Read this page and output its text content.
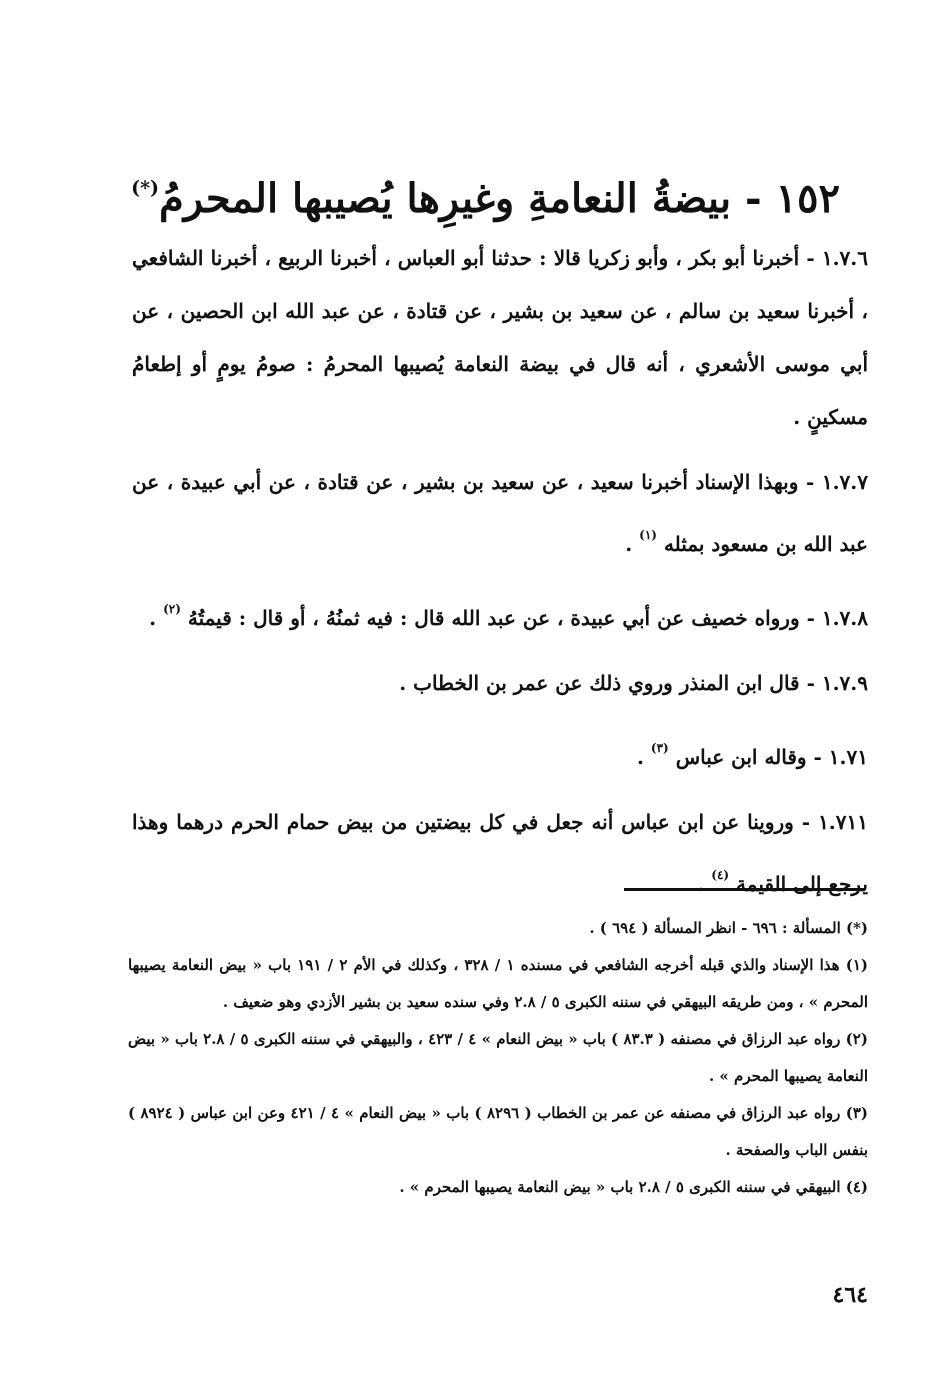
١٥٢ - بيضةُ النعامةِ وغيرِها يُصيبها المحرمُ(*)

١.٧.٦ - أخبرنا أبو بكر ، وأبو زكريا قالا : حدثنا أبو العباس ، أخبرنا الربيع ، أخبرنا الشافعي ، أخبرنا سعيد بن سالم ، عن سعيد بن بشير ، عن قتادة ، عن عبد الله ابن الحصين ، عن أبي موسى الأشعري ، أنه قال في بيضة النعامة يُصيبها المحرمُ : صومُ يومٍ أو إطعامُ مسكينٍ .

١.٧.٧ - وبهذا الإسناد أخبرنا سعيد ، عن سعيد بن بشير ، عن قتادة ، عن أبي عبيدة ، عن عبد الله بن مسعود بمثله $^{(١)}$ .

١.٧.٨ - ورواه خصيف عن أبي عبيدة ، عن عبد الله قال : فيه ثمنُهُ ، أو قال : قيمتُهُ $^{(٢)}$ .

١.٧.٩ - قال ابن المنذر وروي ذلك عن عمر بن الخطاب .

١.٧١ - وقاله ابن عباس $^{(٣)}$ .

١.٧١١ - وروينا عن ابن عباس أنه جعل في كل بيضتين من بيض حمام الحرم درهما وهذا يرجع إلى القيمة $^{(٤)}$ .

(*) المسألة : ٦٩٦ - انظر المسألة ( ٦٩٤ ) .

(١) هذا الإسناد والذي قبله أخرجه الشافعي في مسنده ١ / ٣٢٨ ، وكذلك في الأم ٢ / ١٩١ باب « بيض النعامة يصيبها المحرم » ، ومن طريقه البيهقي في سننه الكبرى ٥ / ٢.٨ وفي سنده سعيد بن بشير الأزدي وهو ضعيف .

(٢) رواه عبد الرزاق في مصنفه ( ٨٣.٣ ) باب « بيض النعام » ٤ / ٤٢٣ ، والبيهقي في سننه الكبرى ٥ / ٢.٨ باب « بيض النعامة يصيبها المحرم » .

(٣) رواه عبد الرزاق في مصنفه عن عمر بن الخطاب ( ٨٢٩٦ ) باب « بيض النعام » ٤ / ٤٢١ وعن ابن عباس ( ٨٩٢٤ ) بنفس الباب والصفحة .

(٤) البيهقي في سننه الكبرى ٥ / ٢.٨ باب « بيض النعامة يصيبها المحرم » .

٤٦٤
